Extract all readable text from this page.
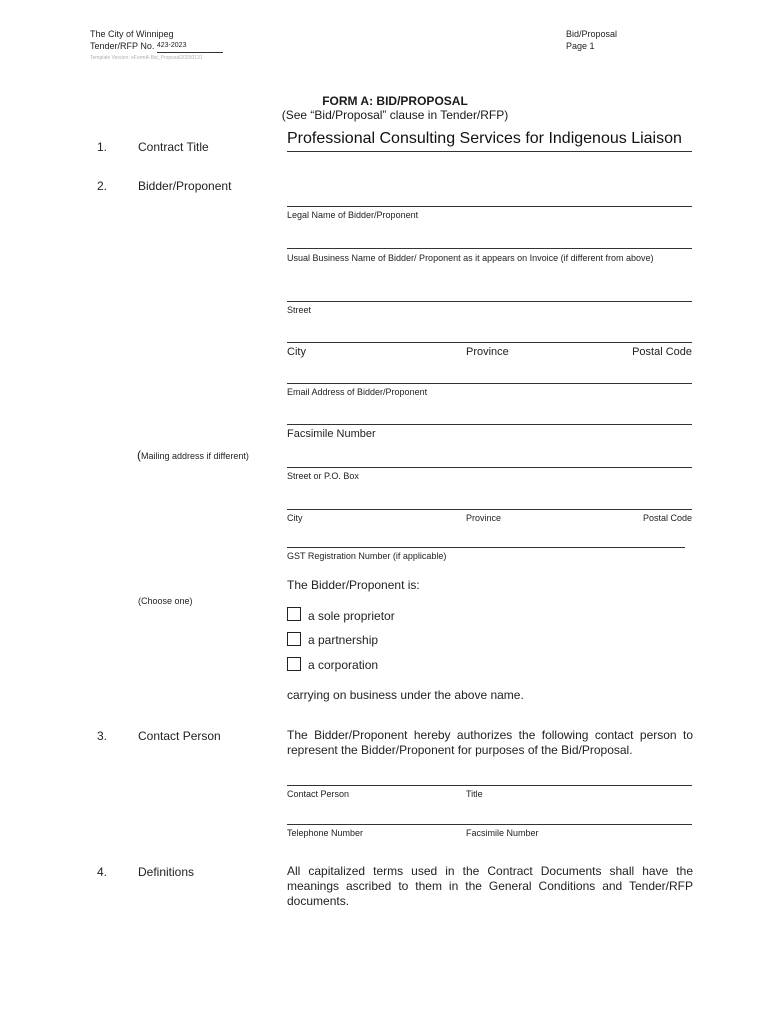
The City of Winnipeg
Tender/RFP No. 423-2023
Template Version: eFormA-Bid_Proposal20200131
Bid/Proposal
Page 1
FORM A: BID/PROPOSAL
(See “Bid/Proposal” clause in Tender/RFP)
1.	Contract Title	Professional Consulting Services for Indigenous Liaison
2.	Bidder/Proponent
Legal Name of Bidder/Proponent
Usual Business Name of Bidder/ Proponent as it appears on Invoice (if different from above)
Street
City	Province	Postal Code
Email Address of Bidder/Proponent
Facsimile Number
(Mailing address if different)
Street or P.O. Box
City	Province	Postal Code
GST Registration Number (if applicable)
The Bidder/Proponent is:
(Choose one)
a sole proprietor
a partnership
a corporation
carrying on business under the above name.
3.	Contact Person	The Bidder/Proponent hereby authorizes the following contact person to represent the Bidder/Proponent for purposes of the Bid/Proposal.
Contact Person	Title
Telephone Number	Facsimile Number
4.	Definitions	All capitalized terms used in the Contract Documents shall have the meanings ascribed to them in the General Conditions and Tender/RFP documents.
